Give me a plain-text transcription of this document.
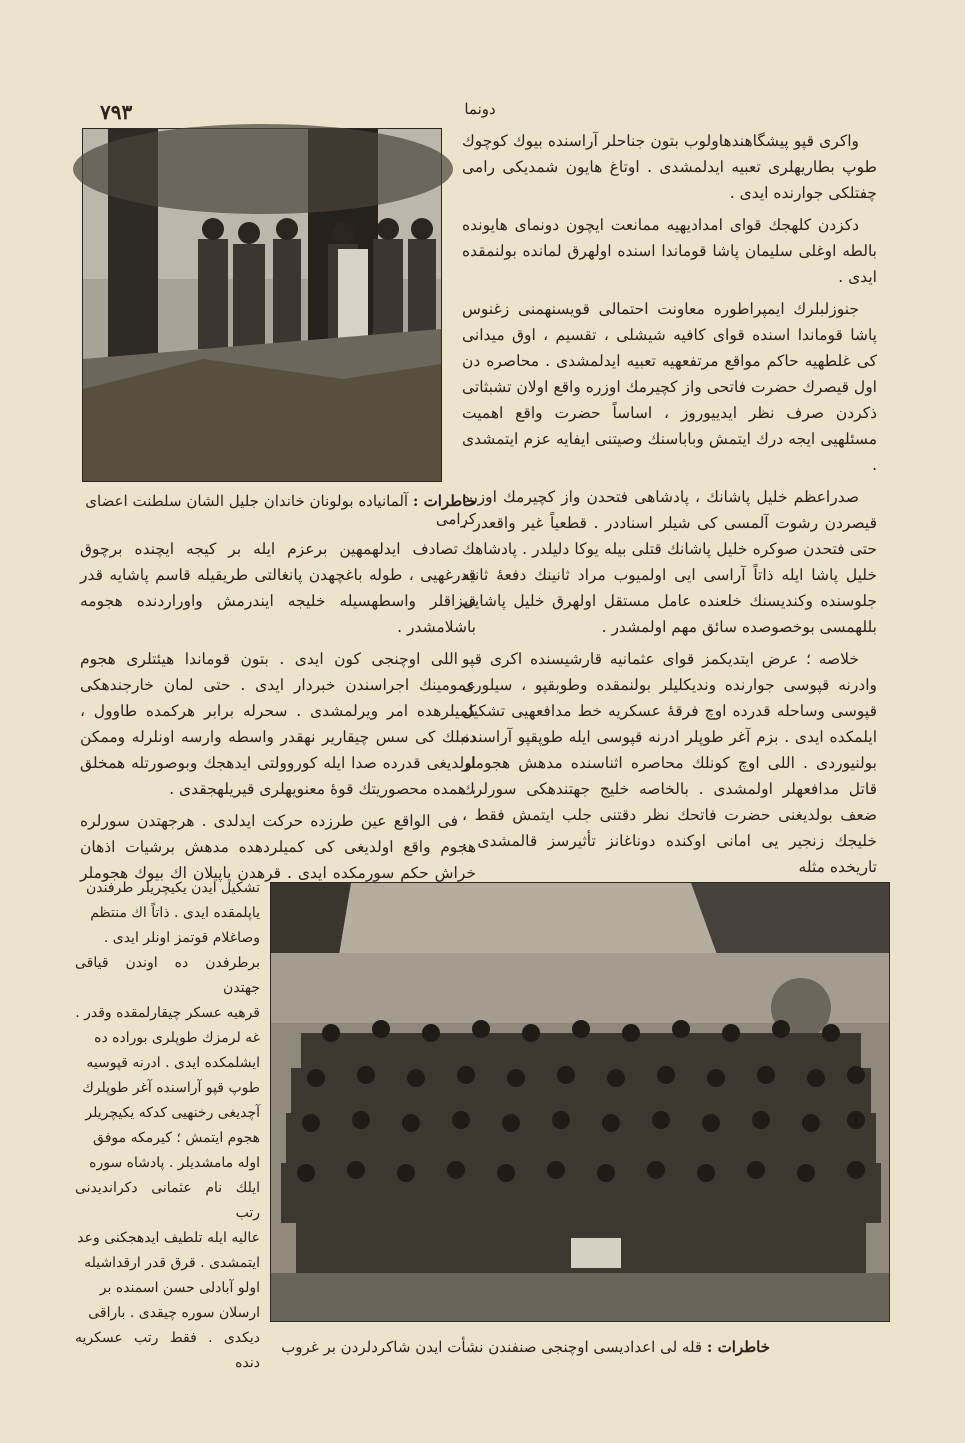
٧٩٣	دونما

واكرى قپو پيشگاهندهاولوب بتون جناحلر آراسنده بيوك كوچوك طوپ بطاريهلرى تعبيه ايدلمشدى . اوتاغ هايون شمديكى رامى چفتلكى جوارنده ايدى .

دكزدن كلهجك قواى امداديهيه ممانعت ايچون دونمای هايونده بالطه اوغلى سليمان پاشا قوماندا اسنده اولهرق لمانده بولنمقده ايدى .

جنوزلبلرك ايمپراطوره معاونت احتمالى قويسنهمنى زغنوس پاشا قوماندا اسنده قواى كافيه شيشلى ، تقسيم ، اوق ميدانى كى غلطهيه حاكم مواقع مرتفعهيه تعبيه ايدلمشدى . محاصره دن اول قيصرك حضرت فاتحى واز كچيرمك اوزره واقع اولان تشبثاتى ذكردن صرف نظر ايدييوروز ، اساساً حضرت واقع اهميت مسئلهيى ايجه درك ايتمش وباباسنك وصيتنى ايفايه عزم ايتمشدى .

صدراعظم خليل پاشانك ، پادشاهى فتحدن واز كچيرمك اوزره قيصردن رشوت آلمسى كى شيلر اسناددر . قطعياً غير واقعدر . حتى فتحدن صوكره خليل پاشانك قتلى بيله يوكا دليلدر . پادشاهك خليل پاشا ايله ذاتاً آراسى ايى اولميوب مراد ثانينك دفعهٔ ثانيه جلوسنده وكنديسنك خلعنده عامل مستقل اولهرق خليل پاشايى بللهمسى بوخصوصده سائق مهم اولمشدر .

خلاصه ؛ عرض ايتديكمز قواى عثمانيه قارشيسنده اكرى قپو وادرنه قپوسى جوارنده ونديكليلر بولنمقده وطوبقپو ، سيلورى قپوسى وساحله قدرده اوچ فرقهٔ عسكريه خط مدافعهيى تشكيل ايلمكده ايدى . بزم آغر طوپلر ادرنه قپوسى ايله طوپقپو آراسنده بولنيوردى . اللى اوچ كونلك محاصره اثناسنده مدهش هجوملر قاتل مدافعهلر اولمشدى . بالخاصه خليج جهتندهكى سورلرك ضعف بولديغنى حضرت فاتحك نظر دقتنى جلب ايتمش فقط ، خليجك زنجير يى امانى اوكنده دوناغانز تأثيرسز قالمشدى . تاريخده مثله

خاطرات : آلمانياده بولونان خاندان جليل الشان سلطنت اعضاى كرامى

تصادف ايدلهمهين برعزم ايله بر كيجه ايچنده برچوق قدرغهيى ، طوله باغچهدن پانغالتى طريقيله قاسم پاشايه قدر قيزاقلر واسطهسيله خليجه ايندرمش واوراردنده هجومه باشلامشدر .

اللى اوچنجى كون ايدى . بتون قوماندا هيئتلرى هجوم عمومينك اجراسندن خبردار ايدى . حتى لمان خارجندهكى كميلرهده امر ويرلمشدى . سحرله برابر هركمده طاوول ، دنبلك كى سس چيقارير نهقدر واسطه وارسه اونلرله وممكن اولديغى قدرده صدا ايله كوروولتى ايدهجك وبوصورتله همخلق ، همده محصوريتك قوهٔ معنويهلرى قيريلهجقدى .

فى الواقع عين طرزده حركت ايدلدى . هرجهتدن سورلره هجوم واقع اولديغى كى كميلردهده مدهش برشيات اذهان خراش حكم سورمكده ايدى . قرهدن ياپيلان اك بيوك هجوملر

تشكيل ايدن يكيچريلر طرفندن
ياپلمقده ايدى . ذاتاً اك منتظم
وصاغلام قوتمز اونلر ايدى .
برطرفدن ده اوندن قياقى جهتدن
قرهيه عسكر چيقارلمقده وقدر .
غه لرمزك طوپلرى بوراده ده
ايشلمكده ايدى . ادرنه قپوسيه
طوپ قپو آراسنده آغر طوپلرك
آچديغى رخنهيى كدكه يكيچريلر
هجوم ايتمش ؛ كيرمكه موفق
اوله مامشديلر . پادشاه سوره
ايلك نام عثمانى دكرانديدنى رتب
عاليه ايله تلطيف ايدهجكنى وعد
ايتمشدى . قرق قدر ارقداشيله
اولو آبادلى حسن اسمنده بر
ارسلان سوره چيقدى . باراقى
ديكدى . فقط رتب عسكريه دنده
خاطرات : قله لى اعداديسى اوچنجى صنفندن نشأت ايدن شاكردلردن بر غروب
